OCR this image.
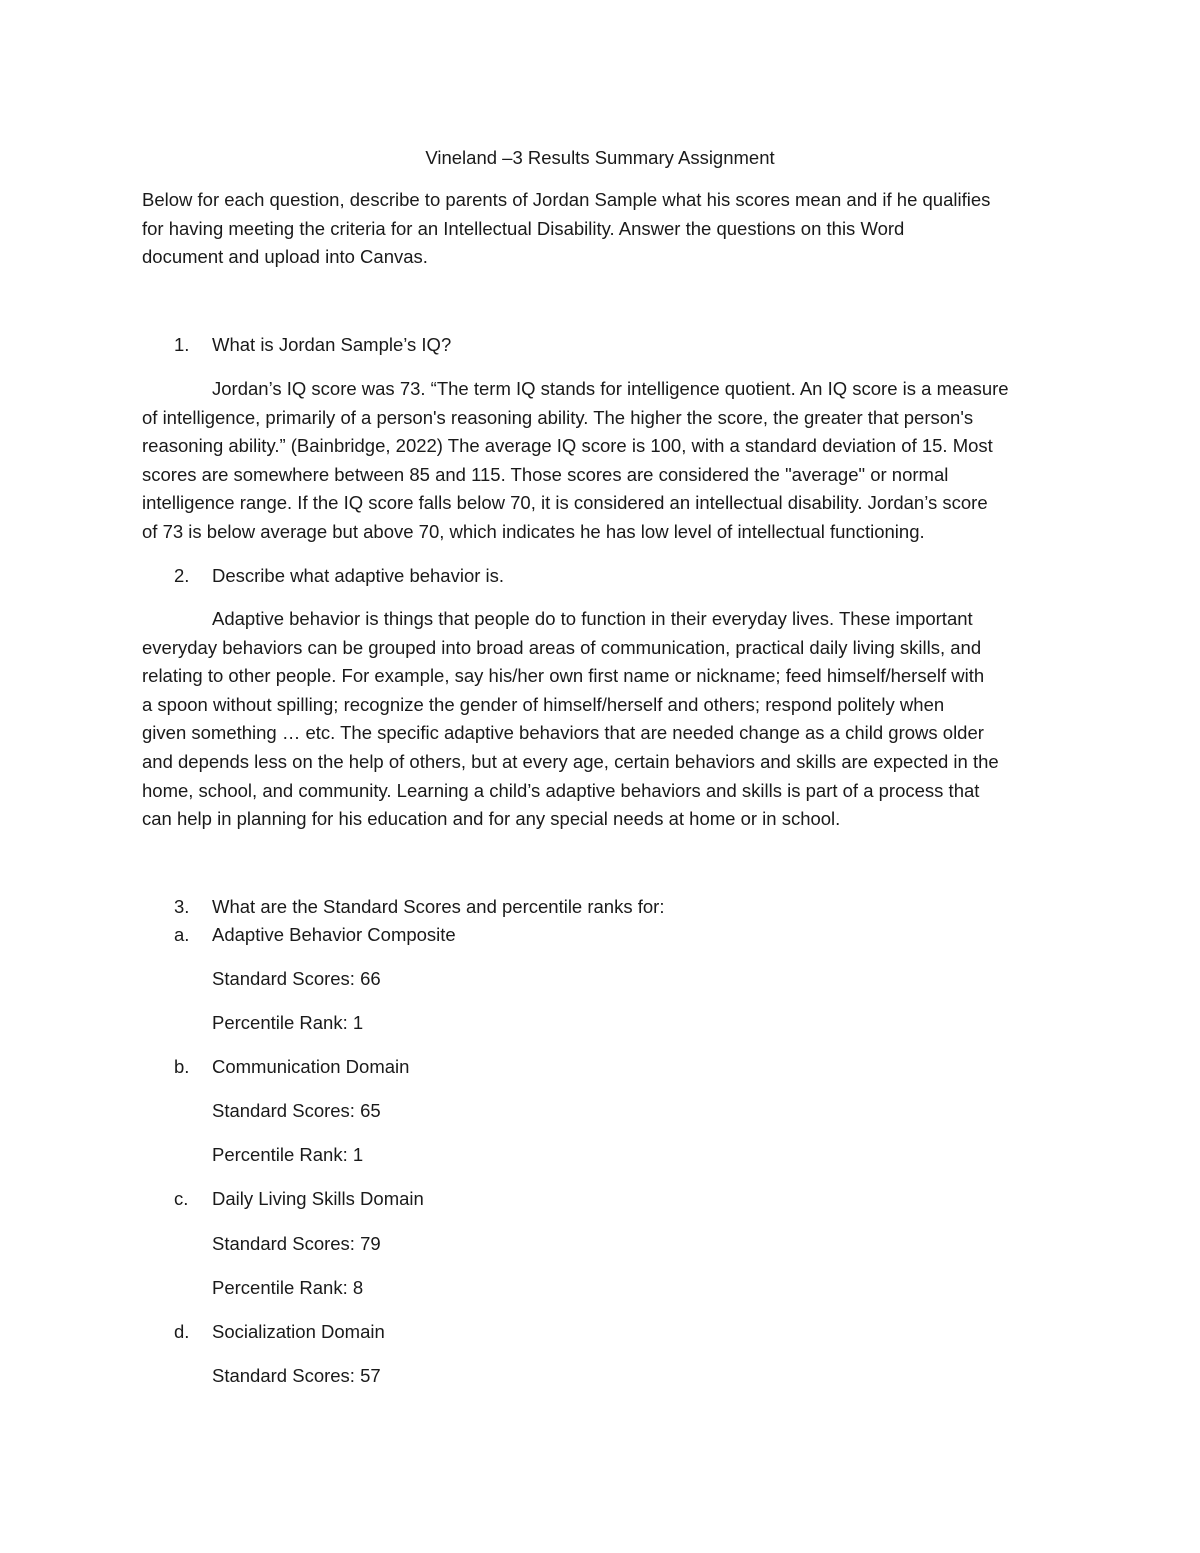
Vineland –3 Results Summary Assignment
Below for each question, describe to parents of Jordan Sample what his scores mean and if he qualifies
for having meeting the criteria for an Intellectual Disability. Answer the questions on this Word
document and upload into Canvas.
1. What is Jordan Sample’s IQ?
Jordan’s IQ score was 73. “The term IQ stands for intelligence quotient. An IQ score is a measure
of intelligence, primarily of a person's reasoning ability. The higher the score, the greater that person's
reasoning ability.” (Bainbridge, 2022) The average IQ score is 100, with a standard deviation of 15. Most
scores are somewhere between 85 and 115. Those scores are considered the "average" or normal
intelligence range. If the IQ score falls below 70, it is considered an intellectual disability. Jordan’s score
of 73 is below average but above 70, which indicates he has low level of intellectual functioning.
2. Describe what adaptive behavior is.
Adaptive behavior is things that people do to function in their everyday lives. These important
everyday behaviors can be grouped into broad areas of communication, practical daily living skills, and
relating to other people. For example, say his/her own first name or nickname; feed himself/herself with
a spoon without spilling; recognize the gender of himself/herself and others; respond politely when
given something … etc. The specific adaptive behaviors that are needed change as a child grows older
and depends less on the help of others, but at every age, certain behaviors and skills are expected in the
home, school, and community. Learning a child’s adaptive behaviors and skills is part of a process that
can help in planning for his education and for any special needs at home or in school.
3. What are the Standard Scores and percentile ranks for:
a. Adaptive Behavior Composite
Standard Scores: 66
Percentile Rank: 1
b. Communication Domain
Standard Scores: 65
Percentile Rank: 1
c. Daily Living Skills Domain
Standard Scores: 79
Percentile Rank: 8
d. Socialization Domain
Standard Scores: 57
